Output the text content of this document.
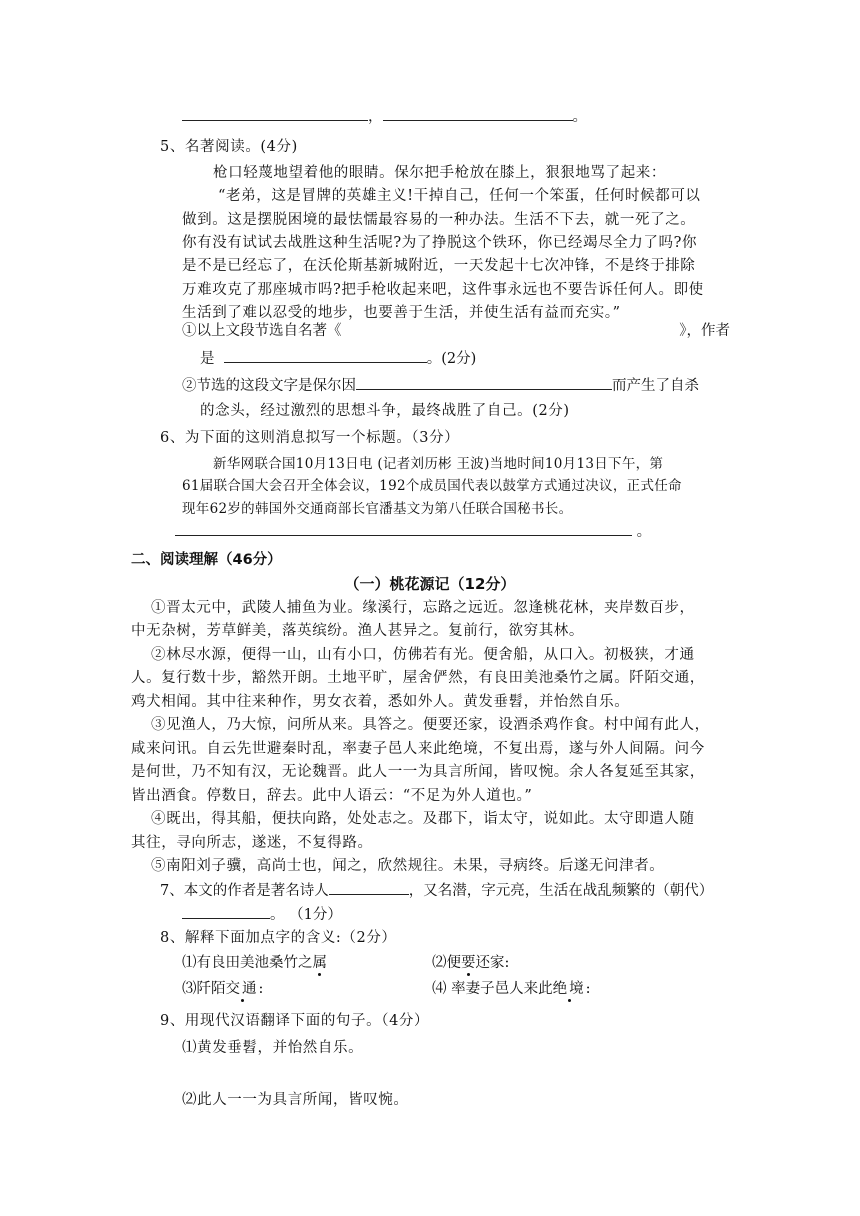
，	。
5、名著阅读。(4分)
枪口轻蔑地望着他的眼睛。保尔把手枪放在膝上，狠狠地骂了起来：
“老弟，这是冒牌的英雄主义!干掉自己，任何一个笨蛋，任何时候都可以
做到。这是摆脱困境的最怯懦最容易的一种办法。生活不下去，就一死了之。
你有没有试试去战胜这种生活呢?为了挣脱这个铁环，你已经竭尽全力了吗?你
是不是已经忘了，在沃伦斯基新城附近，一天发起十七次冲锋，不是终于排除
万难攻克了那座城市吗?把手枪收起来吧，这件事永远也不要告诉任何人。即使
生活到了难以忍受的地步，也要善于生活，并使生活有益而充实。”
①以上文段节选自名著《	》，作者
是	。(2分)
②节选的这段文字是保尔因	而产生了自杀
的念头，经过激烈的思想斗争，最终战胜了自己。(2分)
6、为下面的这则消息拟写一个标题。（3分）
新华网联合国10月13日电 (记者刘历彬 王波)当地时间10月13日下午，第
61届联合国大会召开全体会议，192个成员国代表以鼓掌方式通过决议，正式任命
现年62岁的韩国外交通商部长官潘基文为第八任联合国秘书长。
。
二、阅读理解（46分）
（一）桃花源记（12分）
①晋太元中，武陵人捕鱼为业。缘溪行，忘路之远近。忽逢桃花林，夹岸数百步，
中无杂树，芳草鲜美，落英缤纷。渔人甚异之。复前行，欲穷其林。
②林尽水源，便得一山，山有小口，仿佛若有光。便舍船，从口入。初极狭，才通
人。复行数十步，豁然开朗。土地平旷，屋舍俨然，有良田美池桑竹之属。阡陌交通，
鸡犬相闻。其中往来种作，男女衣着，悉如外人。黄发垂髫，并怡然自乐。
③见渔人，乃大惊，问所从来。具答之。便要还家，设酒杀鸡作食。村中闻有此人，
咸来问讯。自云先世避秦时乱，率妻子邑人来此绝境，不复出焉，遂与外人间隔。问今
是何世，乃不知有汉，无论魏晋。此人一一为具言所闻，皆叹惋。余人各复延至其家，
皆出酒食。停数日，辞去。此中人语云：“不足为外人道也。”
④既出，得其船，便扶向路，处处志之。及郡下，诣太守，说如此。太守即遣人随
其往，寻向所志，遂迷，不复得路。
⑤南阳刘子骥，高尚士也，闻之，欣然规往。未果，寻病终。后遂无问津者。
7、本文的作者是著名诗人	，又名潜，字元亮，生活在战乱频繁的（朝代）
。 （1分）
8、解释下面加点字的含义:（2分）
⑴有良田美池桑竹之属	⑵便要还家:
⑶阡陌交通:	⑷ 率妻子邑人来此绝境:
9、用现代汉语翻译下面的句子。（4分）
⑴黄发垂髫，并怡然自乐。
⑵此人一一为具言所闻，皆叹惋。
